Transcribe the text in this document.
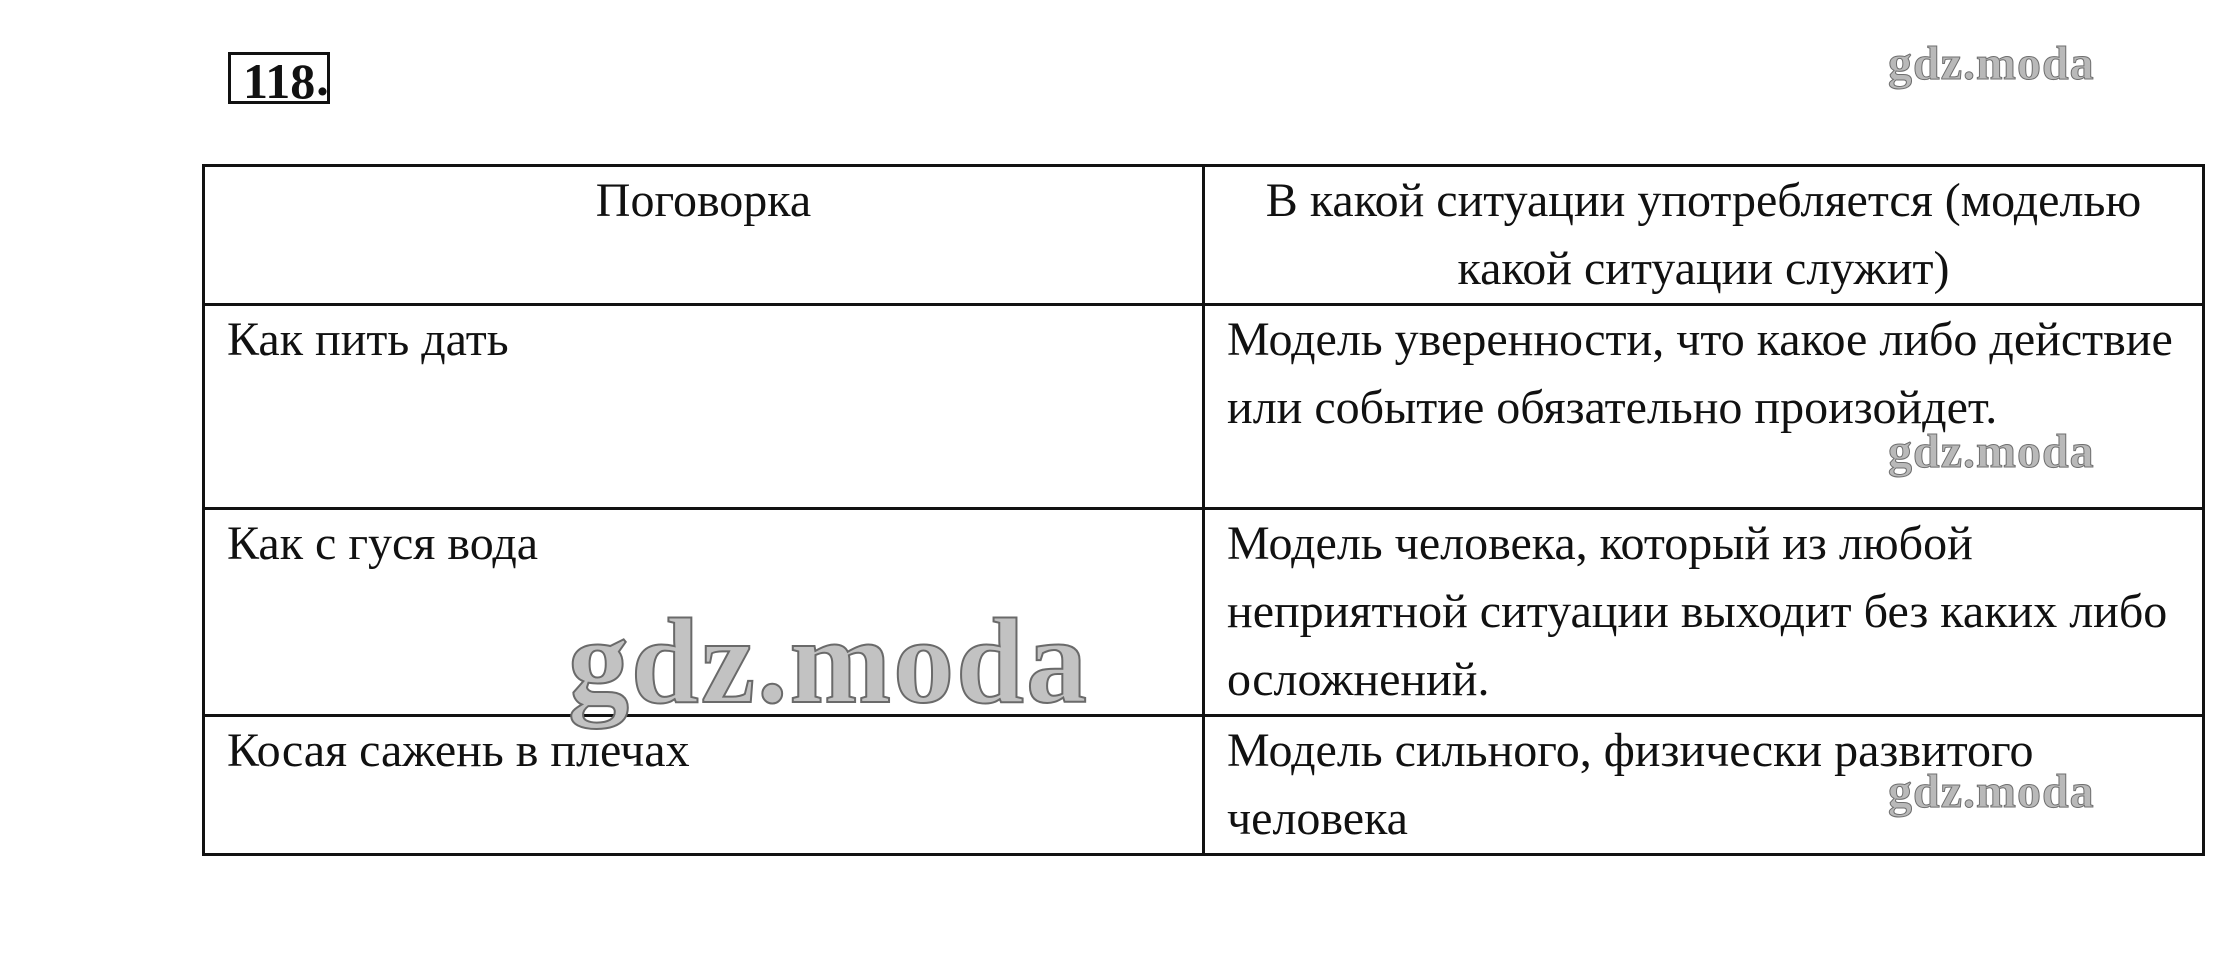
118 .	gdz.moda
Поговорка	В какой ситуации употребляется (моделью какой ситуации служит)
Как пить дать	Модель уверенности, что какое либо действие или событие обязательно произойдет.
Как с гуся вода	Модель человека, который из любой неприятной ситуации выходит без каких либо осложнений.
Косая сажень в плечах	Модель сильного, физически развитого человека
gdz.moda
gdz.moda
gdz.moda
